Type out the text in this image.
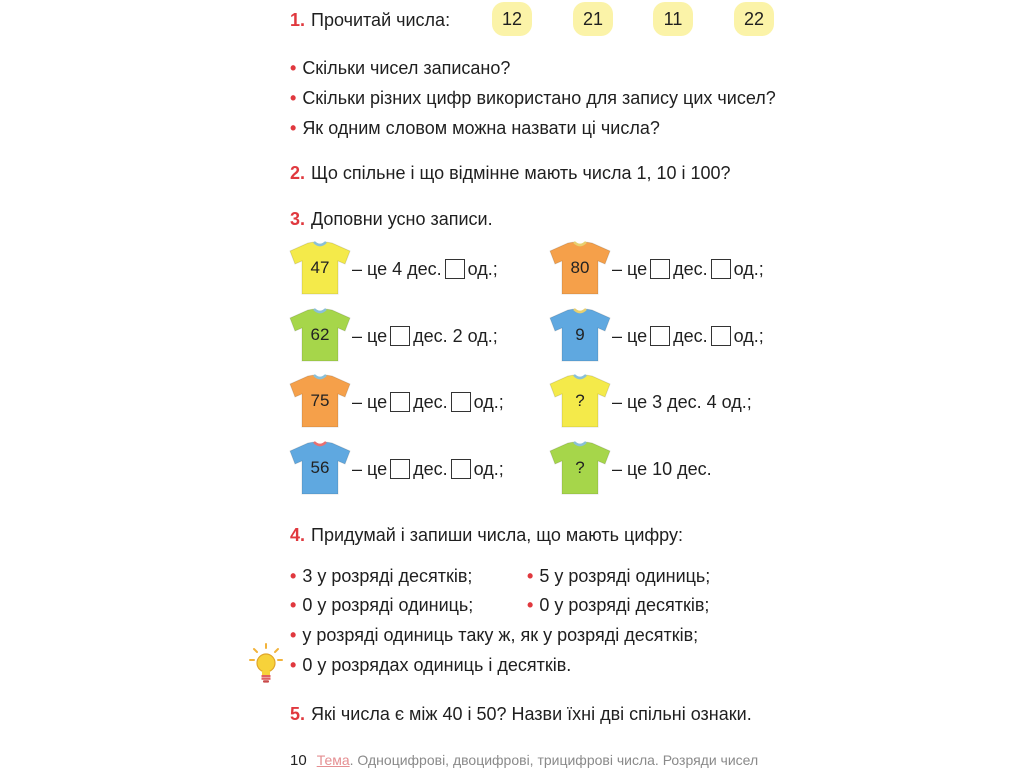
1. Прочитай числа:	12	21	11	22
• Скільки чисел записано?
• Скільки різних цифр використано для запису цих чисел?
• Як одним словом можна назвати ці числа?
2. Що спільне і що відмінне мають числа 1, 10 і 100?
3. Доповни усно записи.
47	– це 4 дес. од.;	80	– це дес. од.;
62	– це дес. 2 од.;	9	– це дес. од.;
75	– це дес. од.;	?	– це 3 дес. 4 од.;
56	– це дес. од.;	?	– це 10 дес.
4. Придумай і запиши числа, що мають цифру:
• 3 у розряді десятків;	• 5 у розряді одиниць;
• 0 у розряді одиниць;	• 0 у розряді десятків;
• у розряді одиниць таку ж, як у розряді десятків;
• 0 у розрядах одиниць і десятків.
5. Які числа є між 40 і 50? Назви їхні дві спільні ознаки.
10 Тема. Одноцифрові, двоцифрові, трицифрові числа. Розряди чисел
